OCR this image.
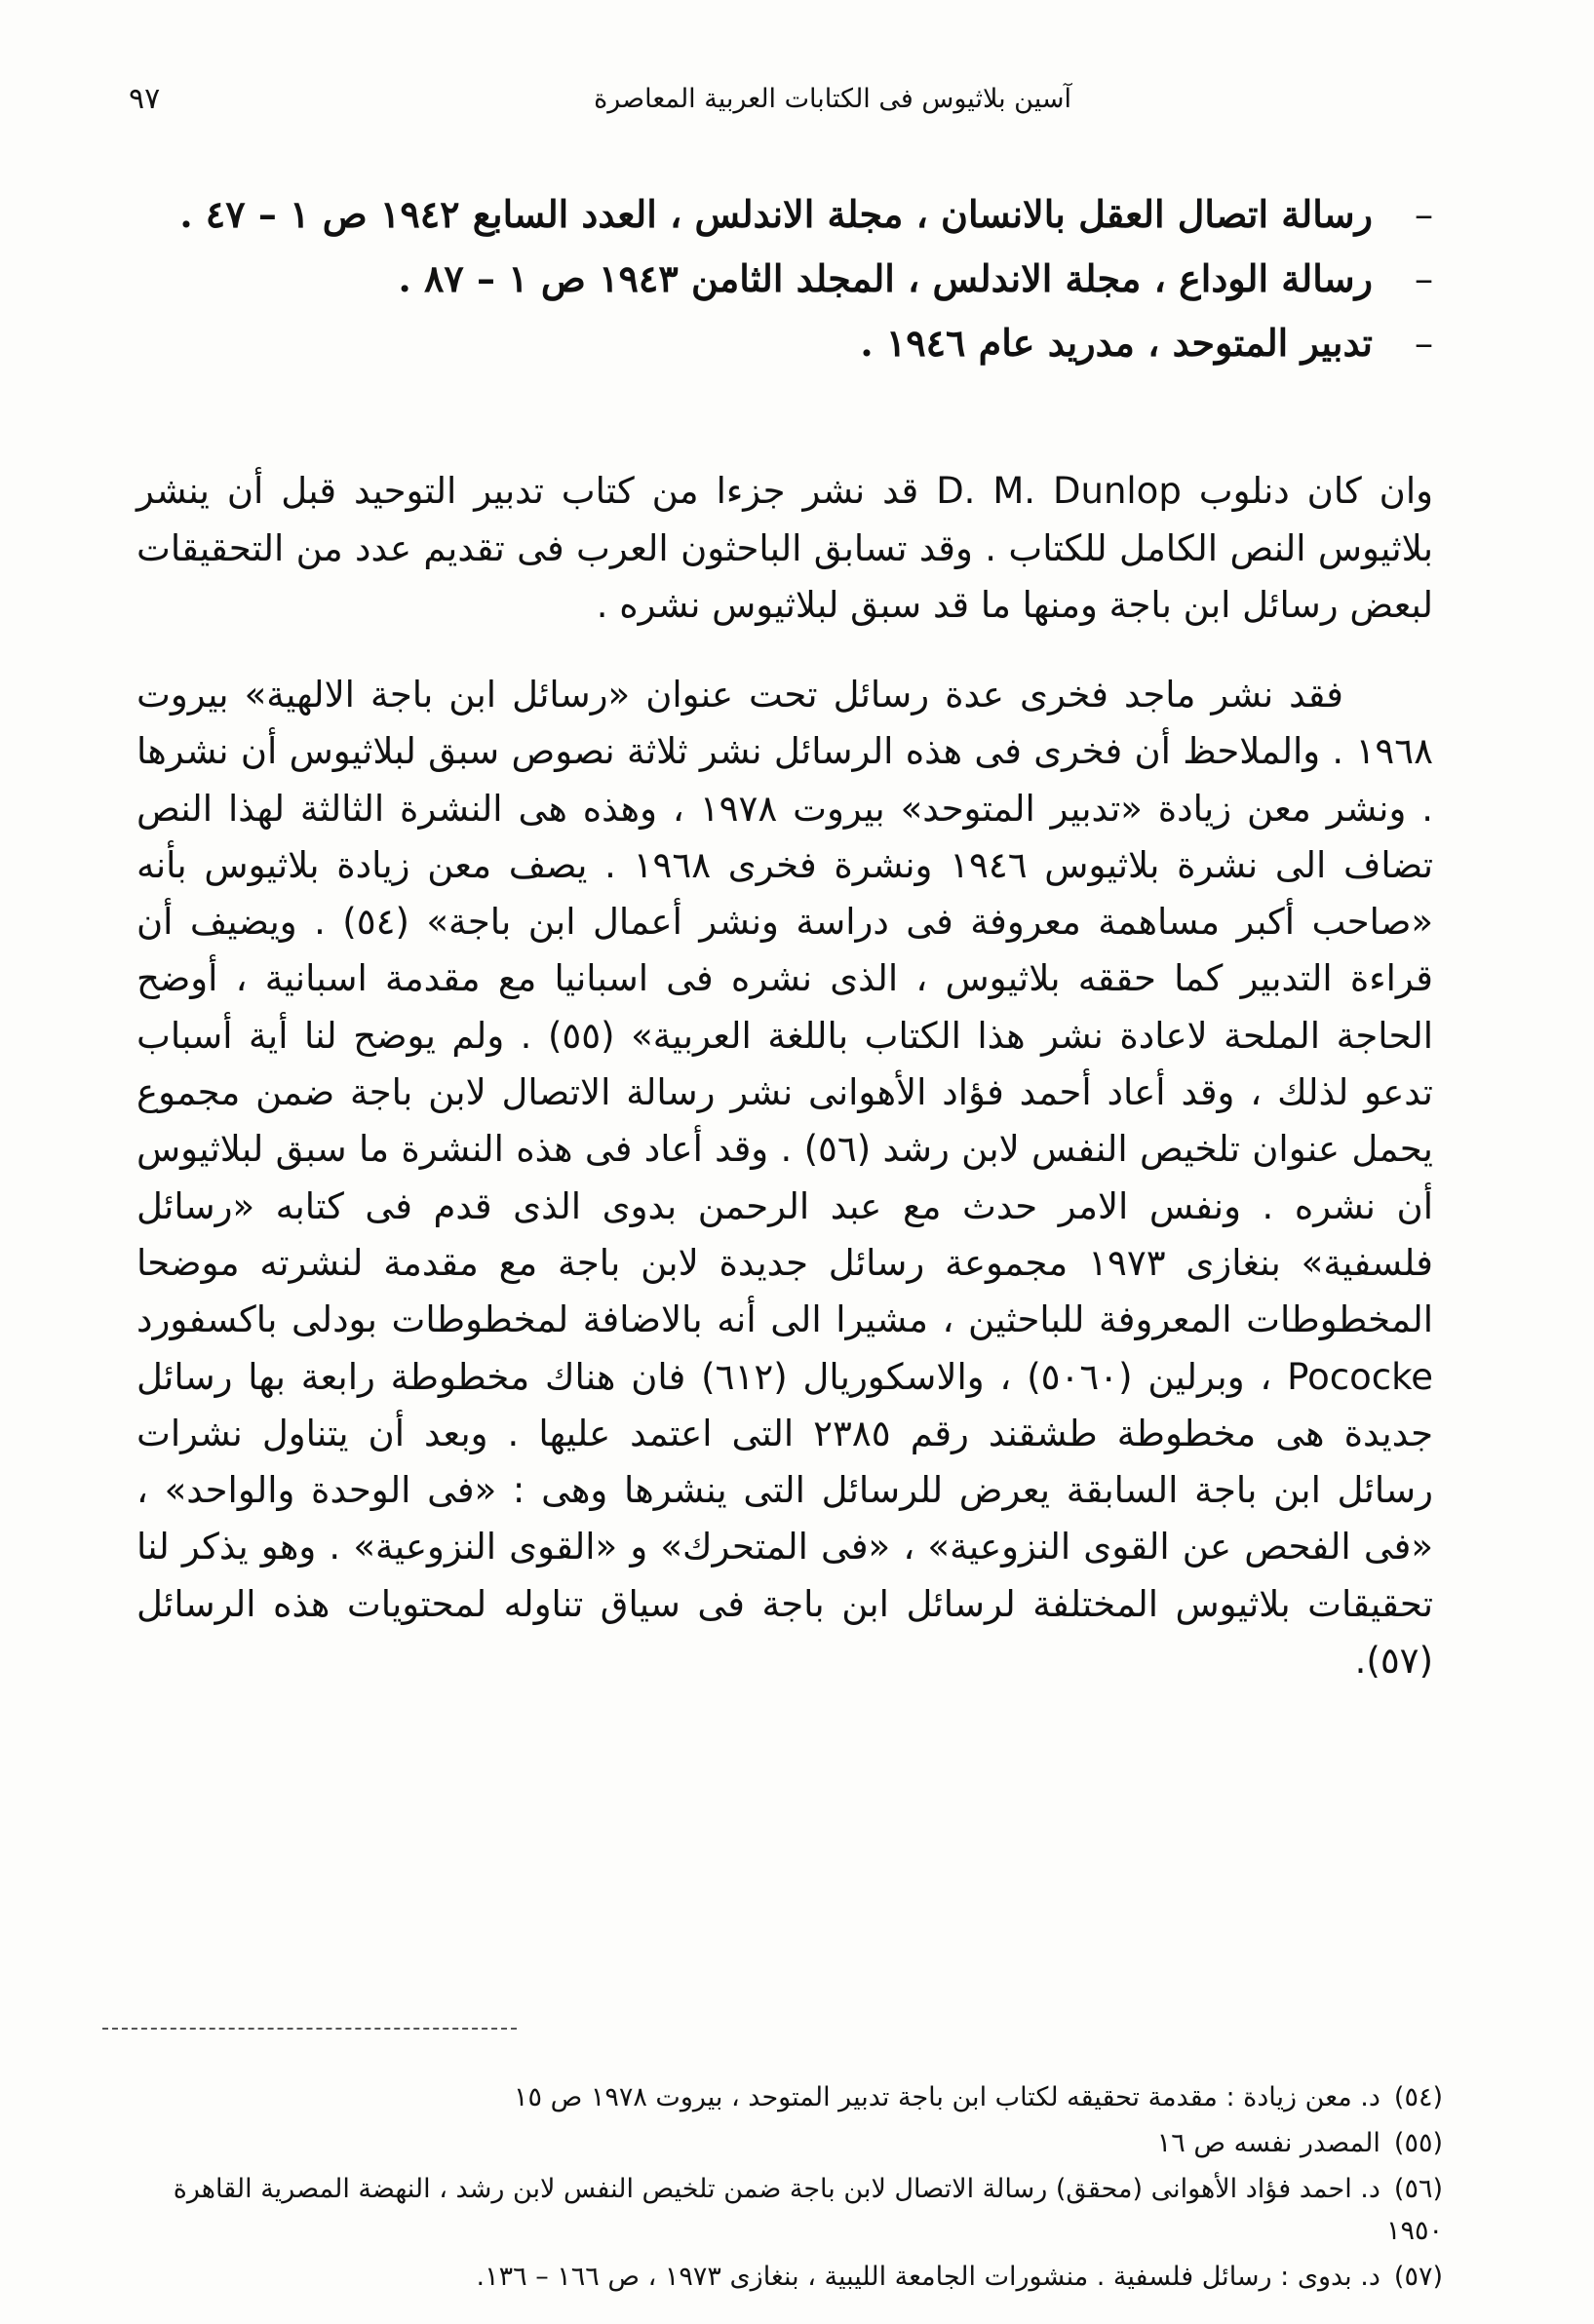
٩٧	آسين بلاثيوس فى الكتابات العربية المعاصرة
–
رسالة اتصال العقل بالانسان ، مجلة الاندلس ، العدد السابع ١٩٤٢ ص ١ – ٤٧ .
–
رسالة الوداع ، مجلة الاندلس ، المجلد الثامن ١٩٤٣ ص ١ – ٨٧ .
–
تدبير المتوحد ، مدريد عام ١٩٤٦ .

وان كان دنلوب D. M. Dunlop قد نشر جزءا من كتاب تدبير التوحيد قبل أن ينشر بلاثيوس النص الكامل للكتاب . وقد تسابق الباحثون العرب فى تقديم عدد من التحقيقات لبعض رسائل ابن باجة ومنها ما قد سبق لبلاثيوس نشره .

فقد نشر ماجد فخرى عدة رسائل تحت عنوان «رسائل ابن باجة الالهية» بيروت ١٩٦٨ . والملاحظ أن فخرى فى هذه الرسائل نشر ثلاثة نصوص سبق لبلاثيوس أن نشرها . ونشر معن زيادة «تدبير المتوحد» بيروت ١٩٧٨ ، وهذه هى النشرة الثالثة لهذا النص تضاف الى نشرة بلاثيوس ١٩٤٦ ونشرة فخرى ١٩٦٨ . يصف معن زيادة بلاثيوس بأنه «صاحب أكبر مساهمة معروفة فى دراسة ونشر أعمال ابن باجة» (٥٤) . ويضيف أن قراءة التدبير كما حققه بلاثيوس ، الذى نشره فى اسبانيا مع مقدمة اسبانية ، أوضح الحاجة الملحة لاعادة نشر هذا الكتاب باللغة العربية» (٥٥) . ولم يوضح لنا أية أسباب تدعو لذلك ، وقد أعاد أحمد فؤاد الأهوانى نشر رسالة الاتصال لابن باجة ضمن مجموع يحمل عنوان تلخيص النفس لابن رشد (٥٦) . وقد أعاد فى هذه النشرة ما سبق لبلاثيوس أن نشره . ونفس الامر حدث مع عبد الرحمن بدوى الذى قدم فى كتابه «رسائل فلسفية» بنغازى ١٩٧٣ مجموعة رسائل جديدة لابن باجة مع مقدمة لنشرته موضحا المخطوطات المعروفة للباحثين ، مشيرا الى أنه بالاضافة لمخطوطات بودلى باكسفورد Pococke ، وبرلين (٥٠٦٠) ، والاسكوريال (٦١٢) فان هناك مخطوطة رابعة بها رسائل جديدة هى مخطوطة طشقند رقم ٢٣٨٥ التى اعتمد عليها . وبعد أن يتناول نشرات رسائل ابن باجة السابقة يعرض للرسائل التى ينشرها وهى : «فى الوحدة والواحد» ، «فى الفحص عن القوى النزوعية» ، «فى المتحرك» و «القوى النزوعية» . وهو يذكر لنا تحقيقات بلاثيوس المختلفة لرسائل ابن باجة فى سياق تناوله لمحتويات هذه الرسائل (٥٧).

(٥٤)د. معن زيادة : مقدمة تحقيقه لكتاب ابن باجة تدبير المتوحد ، بيروت ١٩٧٨ ص ١٥
(٥٥)المصدر نفسه ص ١٦
(٥٦)د. احمد فؤاد الأهوانى (محقق) رسالة الاتصال لابن باجة ضمن تلخيص النفس لابن رشد ، النهضة المصرية القاهرة ١٩٥٠
(٥٧)د. بدوى : رسائل فلسفية . منشورات الجامعة الليبية ، بنغازى ١٩٧٣ ، ص ١٦٦ – ١٣٦.
